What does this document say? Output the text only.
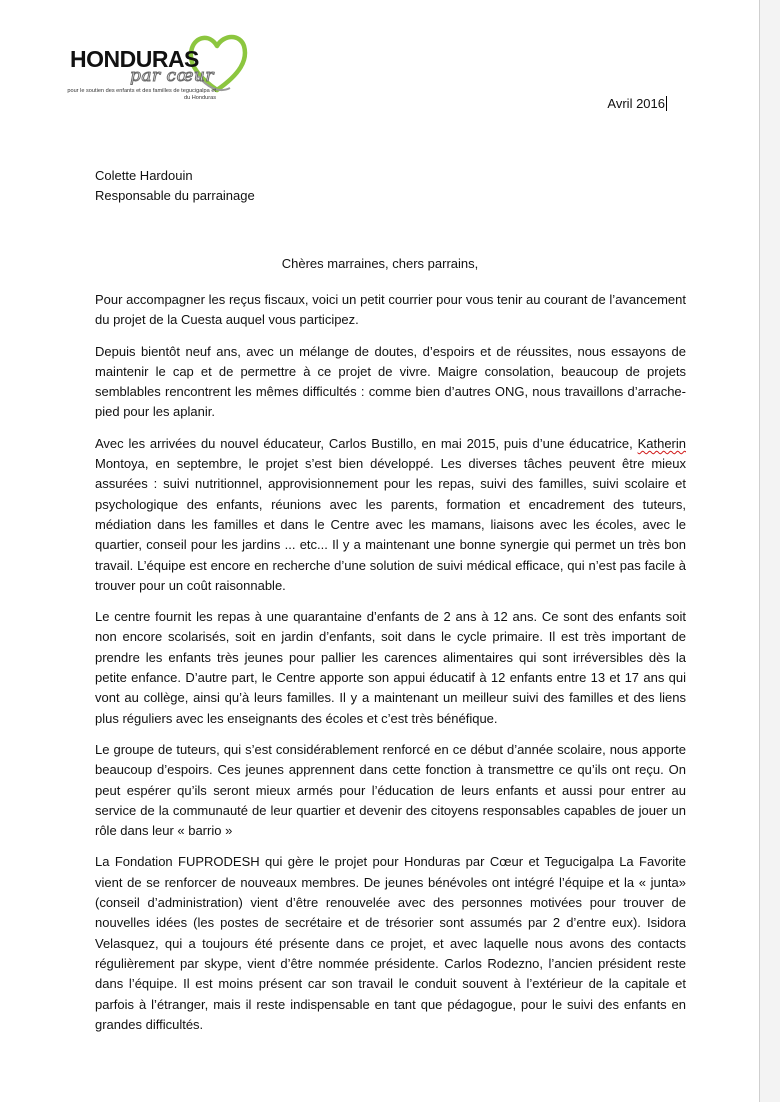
HONDURAS
par cœur
pour le soutien des enfants et des familles de tegucigalpa et du Honduras	Avril 2016
Colette Hardouin
Responsable du parrainage
Chères marraines, chers parrains,

Pour accompagner les reçus fiscaux, voici un petit courrier pour vous tenir au courant de l’avancement du projet de la Cuesta auquel vous participez.

Depuis bientôt neuf ans, avec un mélange de doutes, d’espoirs et de réussites, nous essayons de maintenir le cap et de permettre à ce projet de vivre. Maigre consolation, beaucoup de projets semblables rencontrent les mêmes difficultés : comme bien d’autres ONG, nous travaillons d’arrache-pied pour les aplanir.

Avec les arrivées du nouvel éducateur, Carlos Bustillo, en mai 2015, puis d’une éducatrice, Katherin Montoya, en septembre, le projet s’est bien développé. Les diverses tâches peuvent être mieux assurées : suivi nutritionnel, approvisionnement pour les repas, suivi des familles, suivi scolaire et psychologique des enfants, réunions avec les parents, formation et encadrement des tuteurs, médiation dans les familles et dans le Centre avec les mamans, liaisons avec les écoles, avec le quartier, conseil pour les jardins ... etc... Il y a maintenant une bonne synergie qui permet un très bon travail. L’équipe est encore en recherche d’une solution de suivi médical efficace, qui n’est pas facile à trouver pour un coût raisonnable.

Le centre fournit les repas à une quarantaine d’enfants de 2 ans à 12 ans. Ce sont des enfants soit non encore scolarisés, soit en jardin d’enfants, soit dans le cycle primaire. Il est très important de prendre les enfants très jeunes pour pallier les carences alimentaires qui sont irréversibles dès la petite enfance. D’autre part, le Centre apporte son appui éducatif à 12 enfants entre 13 et 17 ans qui vont au collège, ainsi qu’à leurs familles. Il y a maintenant un meilleur suivi des familles et des liens plus réguliers avec les enseignants des écoles et c’est très bénéfique.

Le groupe de tuteurs, qui s’est considérablement renforcé en ce début d’année scolaire, nous apporte beaucoup d’espoirs. Ces jeunes apprennent dans cette fonction à transmettre ce qu’ils ont reçu. On peut espérer qu’ils seront mieux armés pour l’éducation de leurs enfants et aussi pour entrer au service de la communauté de leur quartier et devenir des citoyens responsables capables de jouer un rôle dans leur « barrio »

La Fondation FUPRODESH qui gère le projet pour Honduras par Cœur et Tegucigalpa La Favorite vient de se renforcer de nouveaux membres. De jeunes bénévoles ont intégré l’équipe et la « junta» (conseil d’administration) vient d’être renouvelée avec des personnes motivées pour trouver de nouvelles idées (les postes de secrétaire et de trésorier sont assumés par 2 d’entre eux). Isidora Velasquez, qui a toujours été présente dans ce projet, et avec laquelle nous avons des contacts régulièrement par skype, vient d’être nommée présidente. Carlos Rodezno, l’ancien président reste dans l’équipe. Il est moins présent car son travail le conduit souvent à l’extérieur de la capitale et parfois à l’étranger, mais il reste indispensable en tant que pédagogue, pour le suivi des enfants en grandes difficultés.
